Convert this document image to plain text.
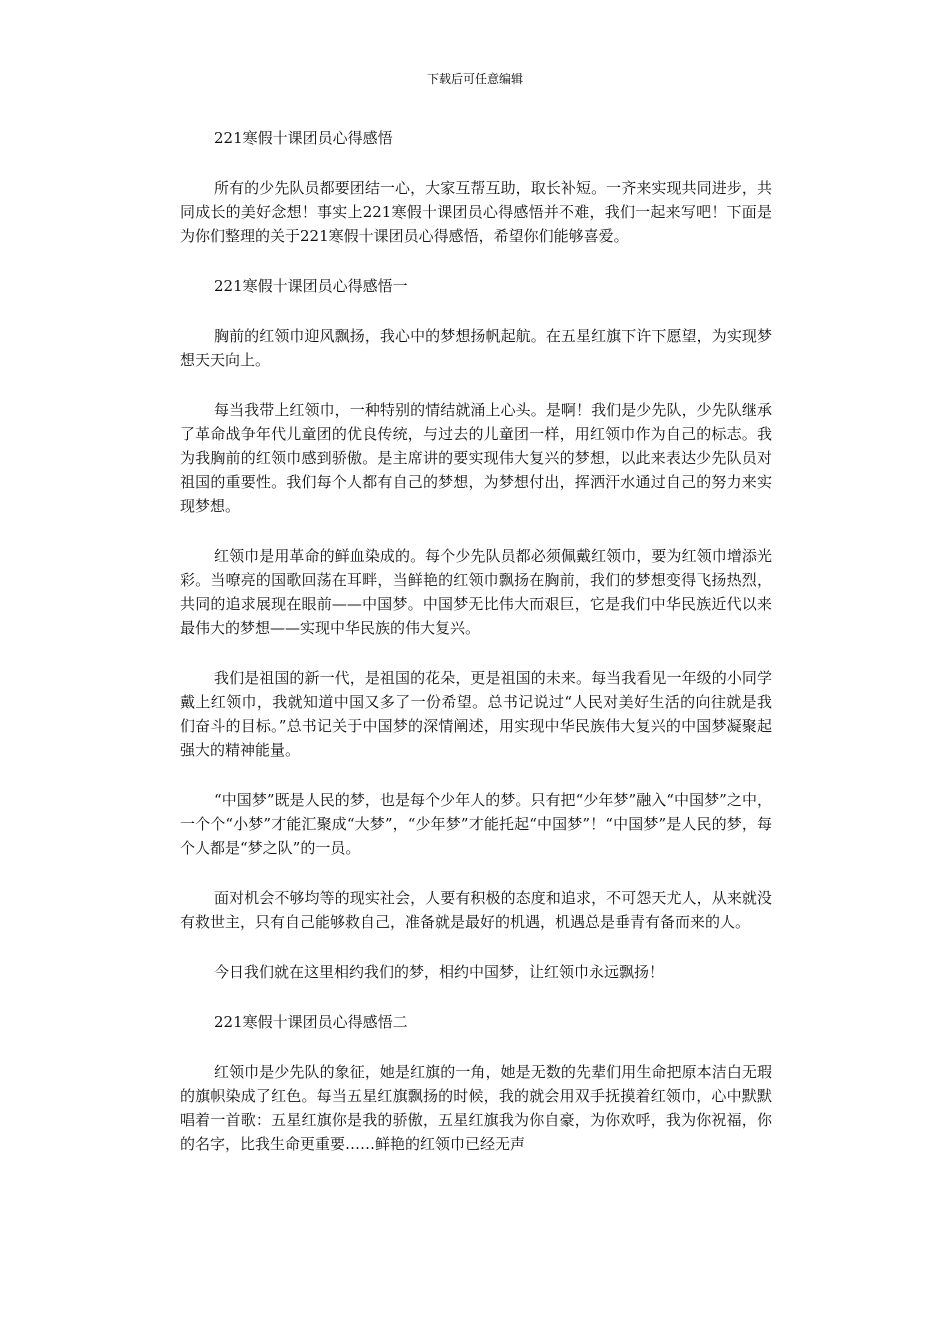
下载后可任意编辑

221寒假十课团员心得感悟

所有的少先队员都要团结一心，大家互帮互助，取长补短。一齐来实现共同进步，共同成长的美好念想！事实上221寒假十课团员心得感悟并不难，我们一起来写吧！下面是为你们整理的关于221寒假十课团员心得感悟，希望你们能够喜爱。

221寒假十课团员心得感悟一

胸前的红领巾迎风飘扬，我心中的梦想扬帆起航。在五星红旗下许下愿望，为实现梦想天天向上。

每当我带上红领巾，一种特别的情结就涌上心头。是啊！我们是少先队，少先队继承了革命战争年代儿童团的优良传统，与过去的儿童团一样，用红领巾作为自己的标志。我为我胸前的红领巾感到骄傲。是主席讲的要实现伟大复兴的梦想，以此来表达少先队员对祖国的重要性。我们每个人都有自己的梦想，为梦想付出，挥洒汗水通过自己的努力来实现梦想。

红领巾是用革命的鲜血染成的。每个少先队员都必须佩戴红领巾，要为红领巾增添光彩。当嘹亮的国歌回荡在耳畔，当鲜艳的红领巾飘扬在胸前，我们的梦想变得飞扬热烈，共同的追求展现在眼前——中国梦。中国梦无比伟大而艰巨，它是我们中华民族近代以来最伟大的梦想——实现中华民族的伟大复兴。

我们是祖国的新一代，是祖国的花朵，更是祖国的未来。每当我看见一年级的小同学戴上红领巾，我就知道中国又多了一份希望。总书记说过“人民对美好生活的向往就是我们奋斗的目标。”总书记关于中国梦的深情阐述，用实现中华民族伟大复兴的中国梦凝聚起强大的精神能量。

“中国梦”既是人民的梦，也是每个少年人的梦。只有把“少年梦”融入“中国梦”之中，一个个“小梦”才能汇聚成“大梦”，“少年梦”才能托起“中国梦”！“中国梦”是人民的梦，每个人都是“梦之队”的一员。

面对机会不够均等的现实社会，人要有积极的态度和追求，不可怨天尤人，从来就没有救世主，只有自己能够救自己，准备就是最好的机遇，机遇总是垂青有备而来的人。

今日我们就在这里相约我们的梦，相约中国梦，让红领巾永远飘扬！

221寒假十课团员心得感悟二

红领巾是少先队的象征，她是红旗的一角，她是无数的先辈们用生命把原本洁白无瑕的旗帜染成了红色。每当五星红旗飘扬的时候，我的就会用双手抚摸着红领巾，心中默默唱着一首歌：五星红旗你是我的骄傲，五星红旗我为你自豪，为你欢呼，我为你祝福，你的名字，比我生命更重要……鲜艳的红领巾已经无声
